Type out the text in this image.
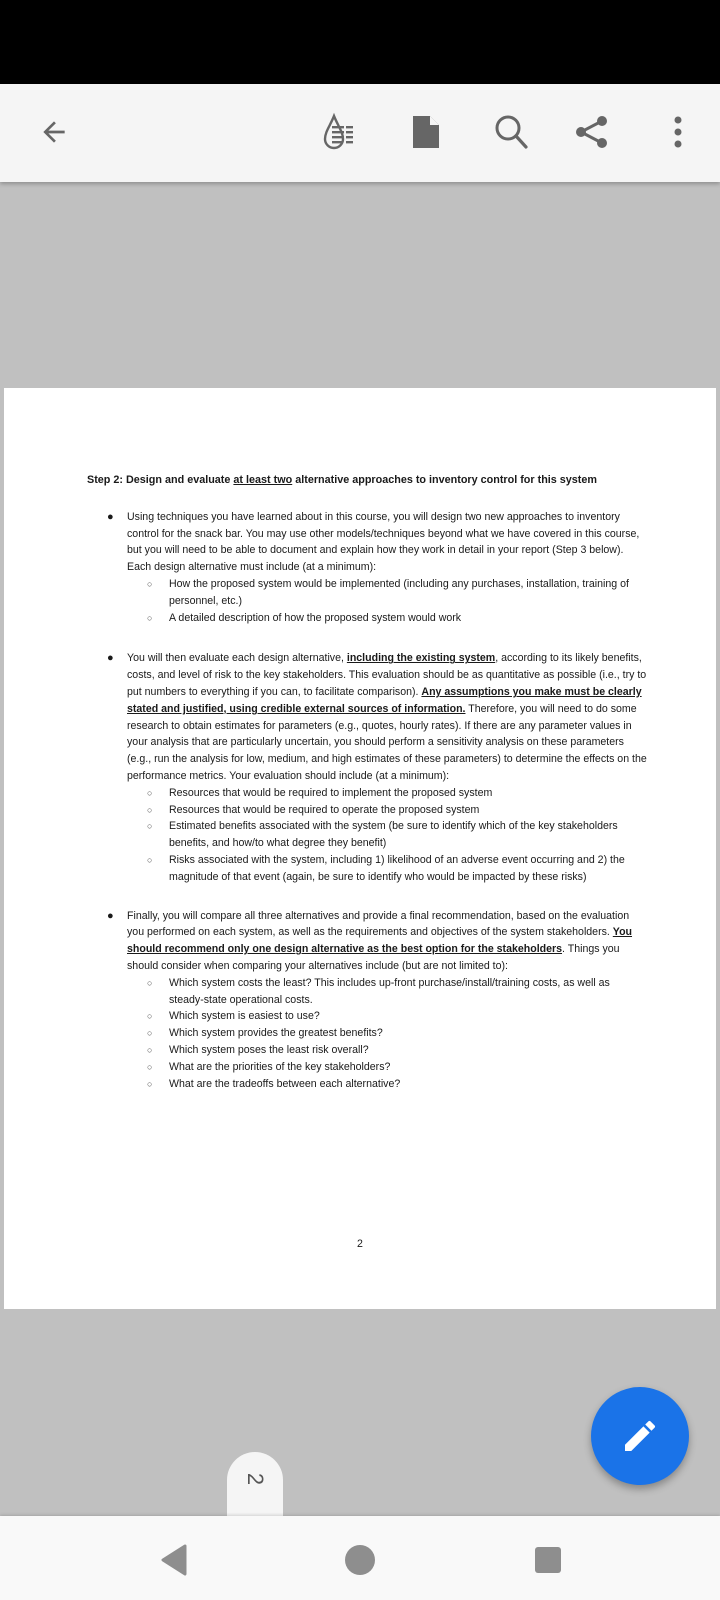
Step 2: Design and evaluate at least two alternative approaches to inventory control for this system

● Using techniques you have learned about in this course, you will design two new approaches to inventory control for the snack bar. You may use other models/techniques beyond what we have covered in this course, but you will need to be able to document and explain how they work in detail in your report (Step 3 below). Each design alternative must include (at a minimum):
○ How the proposed system would be implemented (including any purchases, installation, training of personnel, etc.)
○ A detailed description of how the proposed system would work
● You will then evaluate each design alternative, including the existing system, according to its likely benefits, costs, and level of risk to the key stakeholders. This evaluation should be as quantitative as possible (i.e., try to put numbers to everything if you can, to facilitate comparison). Any assumptions you make must be clearly stated and justified, using credible external sources of information. Therefore, you will need to do some research to obtain estimates for parameters (e.g., quotes, hourly rates). If there are any parameter values in your analysis that are particularly uncertain, you should perform a sensitivity analysis on these parameters (e.g., run the analysis for low, medium, and high estimates of these parameters) to determine the effects on the performance metrics. Your evaluation should include (at a minimum):
○ Resources that would be required to implement the proposed system
○ Resources that would be required to operate the proposed system
○ Estimated benefits associated with the system (be sure to identify which of the key stakeholders benefits, and how/to what degree they benefit)
○ Risks associated with the system, including 1) likelihood of an adverse event occurring and 2) the magnitude of that event (again, be sure to identify who would be impacted by these risks)
● Finally, you will compare all three alternatives and provide a final recommendation, based on the evaluation you performed on each system, as well as the requirements and objectives of the system stakeholders. You should recommend only one design alternative as the best option for the stakeholders. Things you should consider when comparing your alternatives include (but are not limited to):
○ Which system costs the least? This includes up-front purchase/install/training costs, as well as steady-state operational costs.
○ Which system is easiest to use?
○ Which system provides the greatest benefits?
○ Which system poses the least risk overall?
○ What are the priorities of the key stakeholders?
○ What are the tradeoffs between each alternative?
2
2
